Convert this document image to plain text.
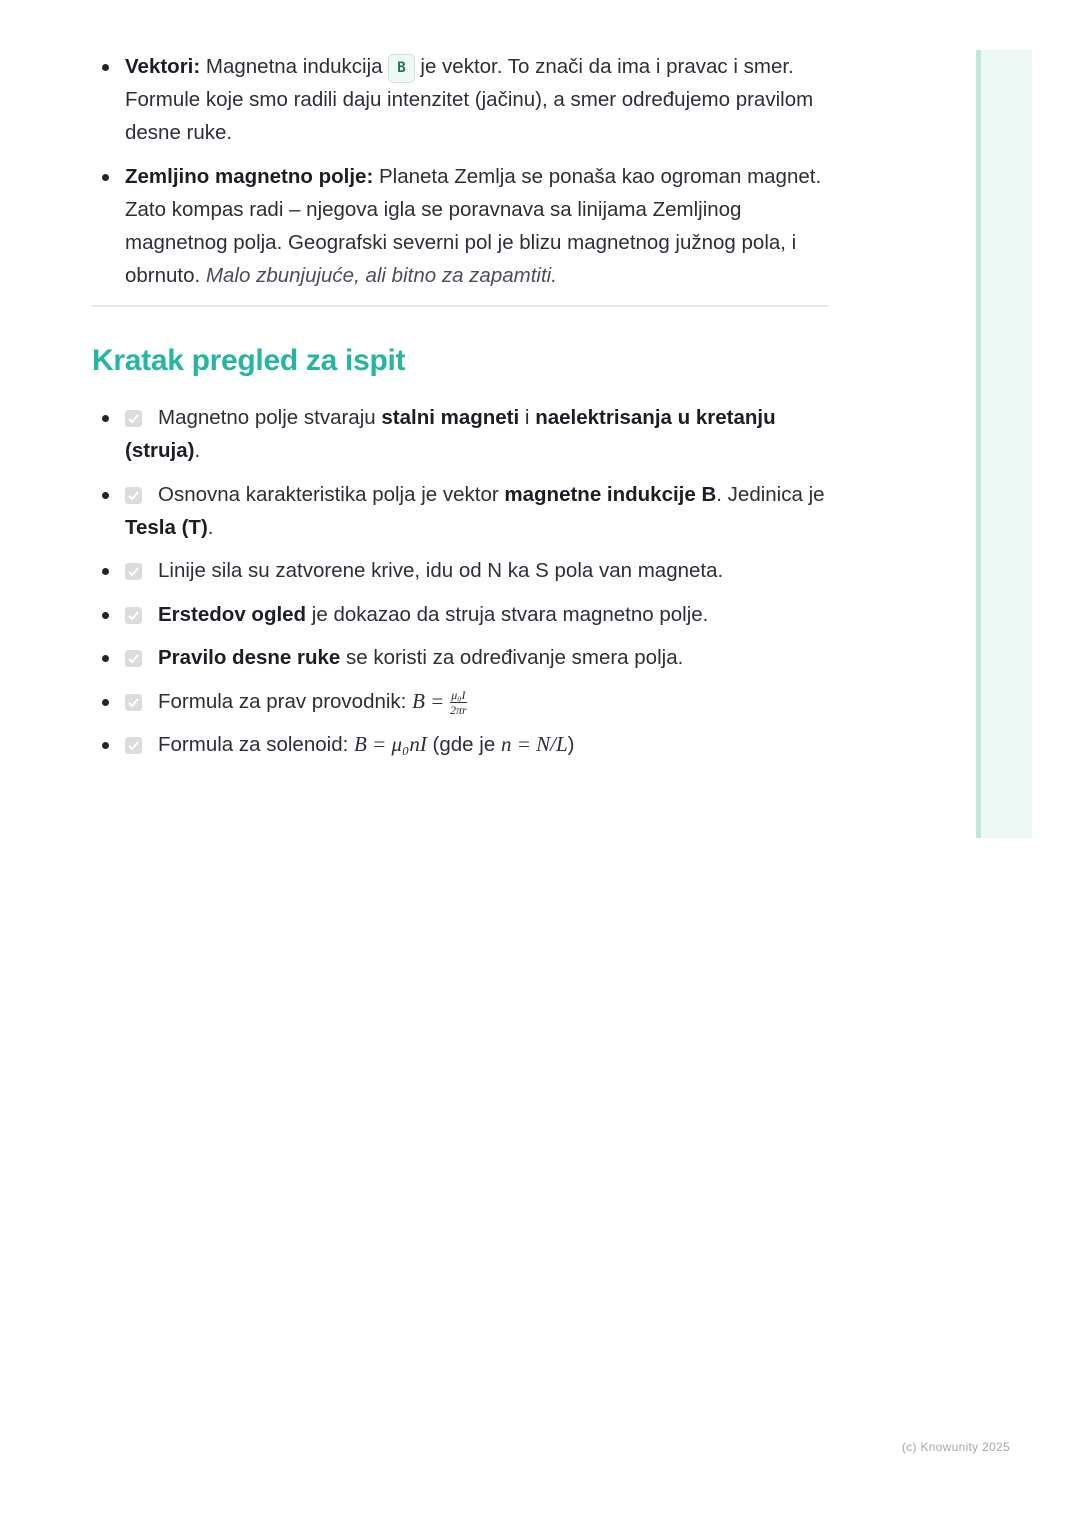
Vektori: Magnetna indukcija B je vektor. To znači da ima i pravac i smer. Formule koje smo radili daju intenzitet (jačinu), a smer određujemo pravilom desne ruke.
Zemljino magnetno polje: Planeta Zemlja se ponaša kao ogroman magnet. Zato kompas radi – njegova igla se poravnava sa linijama Zemljinog magnetnog polja. Geografski severni pol je blizu magnetnog južnog pola, i obrnuto. Malo zbunjujuće, ali bitno za zapamtiti.
Kratak pregled za ispit
Magnetno polje stvaraju stalni magneti i naelektrisanja u kretanju (struja).
Osnovna karakteristika polja je vektor magnetne indukcije B. Jedinica je Tesla (T).
Linije sila su zatvorene krive, idu od N ka S pola van magneta.
Erstedov ogled je dokazao da struja stvara magnetno polje.
Pravilo desne ruke se koristi za određivanje smera polja.
Formula za prav provodnik: $B = \frac{\text{μ₀I}}{2\pi r}$
Formula za solenoid: B = μ₀nI (gde je n = N/L)
(c) Knowunity 2025
